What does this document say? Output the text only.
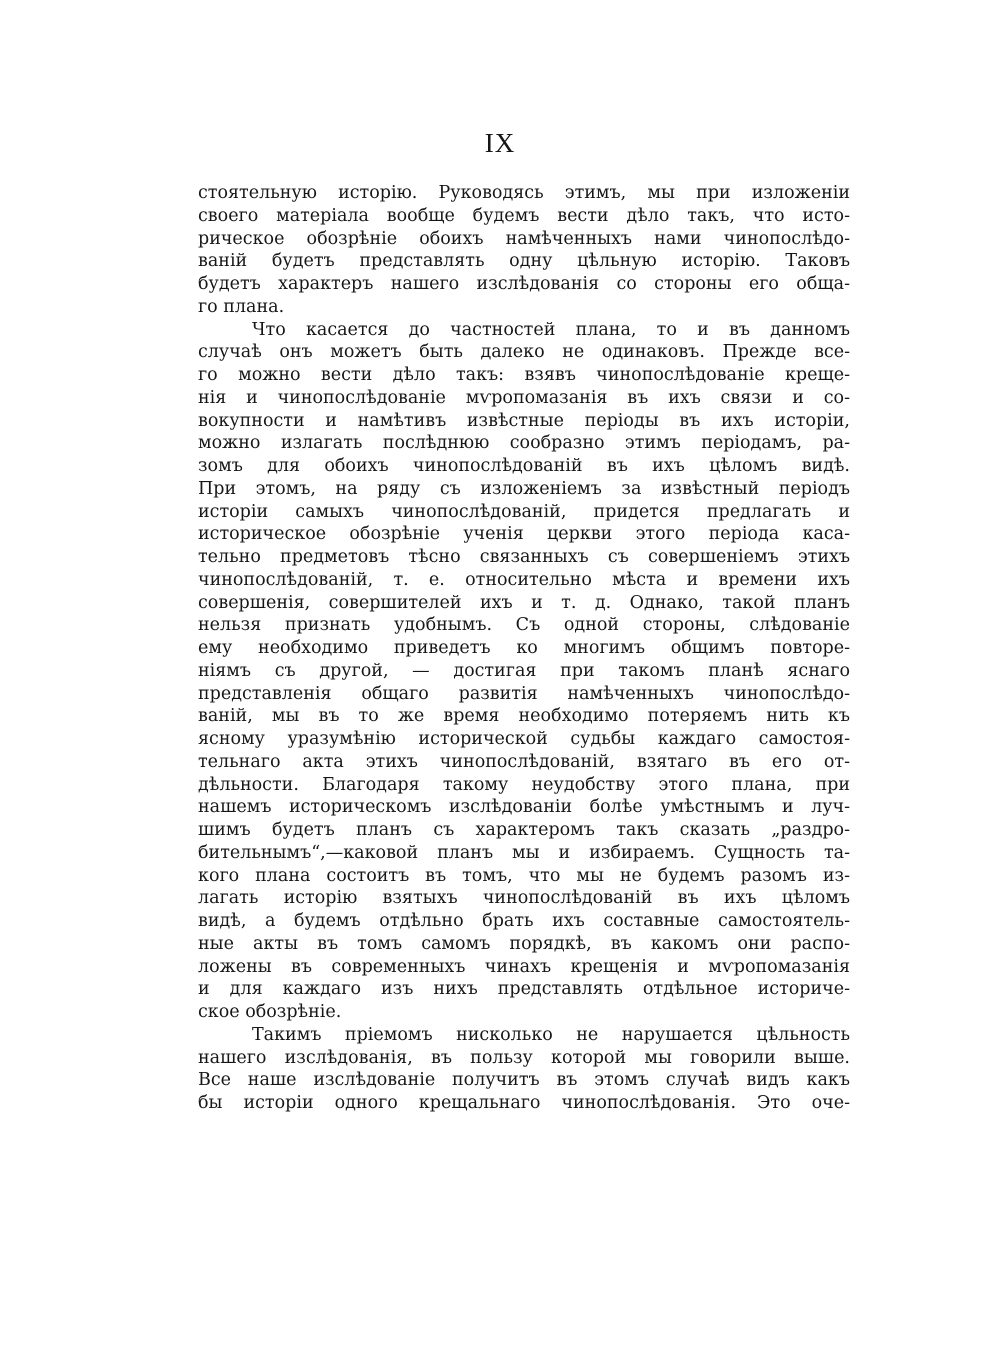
IX
стоятельную исторію. Руководясь этимъ, мы при изложеніи
своего матеріала вообще будемъ вести дѣло такъ, что исто-
рическое обозрѣніе обоихъ намѣченныхъ нами чинопослѣдо-
ваній будетъ представлять одну цѣльную исторію. Таковъ
будетъ характеръ нашего изслѣдованія со стороны его обща-
го плана.
Что касается до частностей плана, то и въ данномъ
случаѣ онъ можетъ быть далеко не одинаковъ. Прежде все-
го можно вести дѣло такъ: взявъ чинопослѣдованіе креще-
нія и чинопослѣдованіе мѵропомазанія въ ихъ связи и со-
вокупности и намѣтивъ извѣстные періоды въ ихъ исторіи,
можно излагать послѣднюю сообразно этимъ періодамъ, ра-
зомъ для обоихъ чинопослѣдованій въ ихъ цѣломъ видѣ.
При этомъ, на ряду съ изложеніемъ за извѣстный періодъ
исторіи самыхъ чинопослѣдованій, придется предлагать и
историческое обозрѣніе ученія церкви этого періода каса-
тельно предметовъ тѣсно связанныхъ съ совершеніемъ этихъ
чинопослѣдованій, т. е. относительно мѣста и времени ихъ
совершенія, совершителей ихъ и т. д. Однако, такой планъ
нельзя признать удобнымъ. Съ одной стороны, слѣдованіе
ему необходимо приведетъ ко многимъ общимъ повторе-
ніямъ съ другой, — достигая при такомъ планѣ яснаго
представленія общаго развитія намѣченныхъ чинопослѣдо-
ваній, мы въ то же время необходимо потеряемъ нить къ
ясному уразумѣнію исторической судьбы каждаго самостоя-
тельнаго акта этихъ чинопослѣдованій, взятаго въ его от-
дѣльности. Благодаря такому неудобству этого плана, при
нашемъ историческомъ изслѣдованіи болѣе умѣстнымъ и луч-
шимъ будетъ планъ съ характеромъ такъ сказать „раздро-
бительнымъ“,—каковой планъ мы и избираемъ. Сущность та-
кого плана состоитъ въ томъ, что мы не будемъ разомъ из-
лагать исторію взятыхъ чинопослѣдованій въ ихъ цѣломъ
видѣ, а будемъ отдѣльно брать ихъ составные самостоятель-
ные акты въ томъ самомъ порядкѣ, въ какомъ они распо-
ложены въ современныхъ чинахъ крещенія и мѵропомазанія
и для каждаго изъ нихъ представлять отдѣльное историче-
ское обозрѣніе.
Такимъ пріемомъ нисколько не нарушается цѣльность
нашего изслѣдованія, въ пользу которой мы говорили выше.
Все наше изслѣдованіе получитъ въ этомъ случаѣ видъ какъ
бы исторіи одного крещальнаго чинопослѣдованія. Это оче-
